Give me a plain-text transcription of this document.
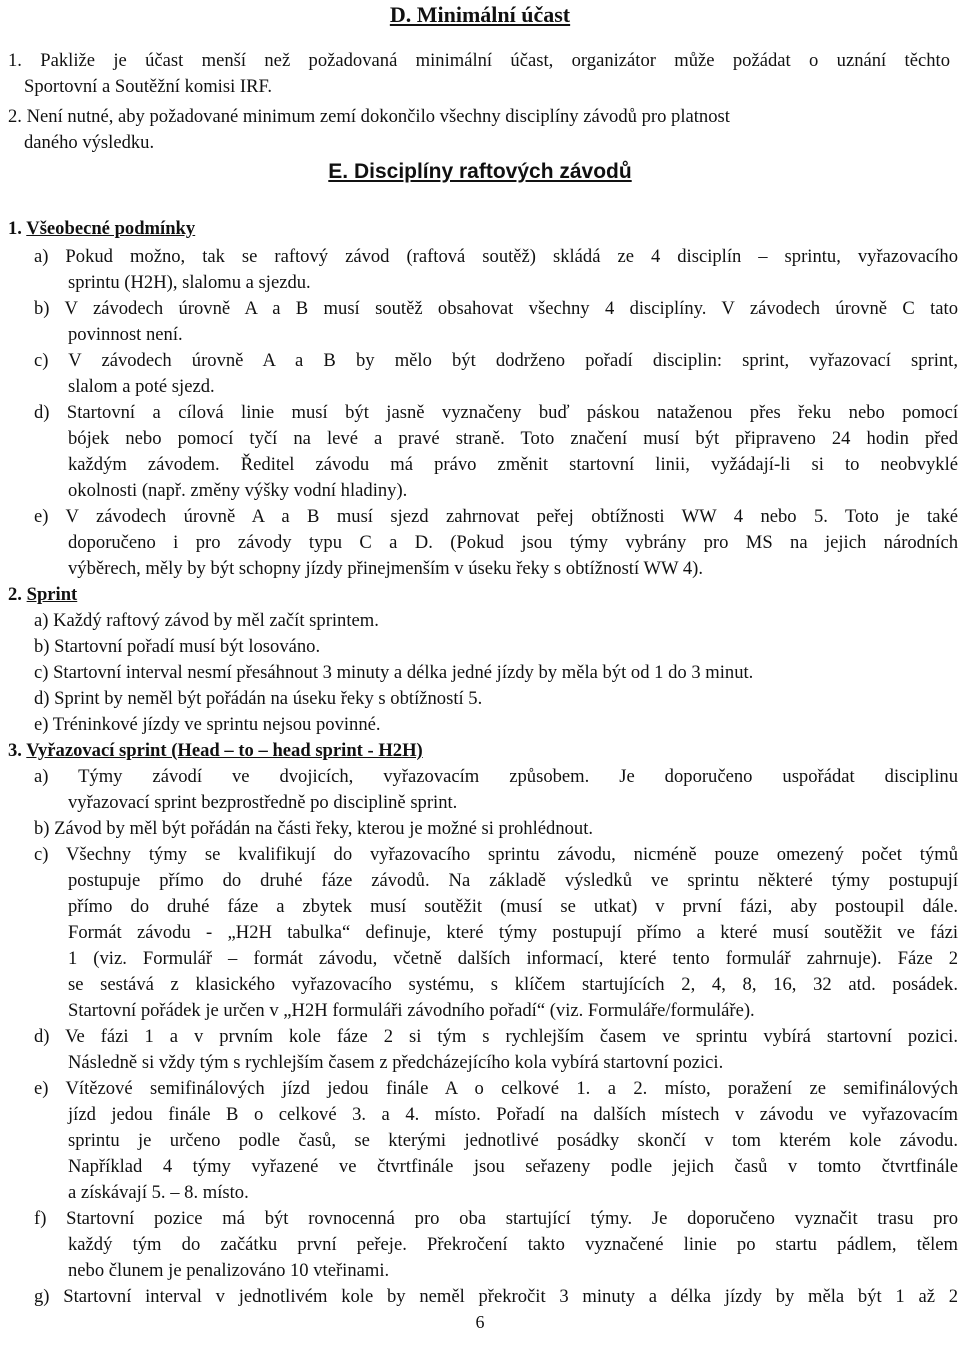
D. Minimální účast
1. Pakliže je účast menší než požadovaná minimální účast, organizátor může požádat o uznání těchto
Sportovní a Soutěžní komisi IRF.
2. Není nutné, aby požadované minimum zemí dokončilo všechny disciplíny závodů pro platnost
daného výsledku.
E. Disciplíny raftových závodů
1. Všeobecné podmínky
a) Pokud možno, tak se raftový závod (raftová soutěž) skládá ze 4 disciplín – sprintu, vyřazovacího
sprintu (H2H), slalomu a sjezdu.
b) V závodech úrovně A a B musí soutěž obsahovat všechny 4 disciplíny. V závodech úrovně C tato
povinnost není.
c) V závodech úrovně A a B by mělo být dodrženo pořadí disciplin: sprint, vyřazovací sprint,
slalom a poté sjezd.
d) Startovní a cílová linie musí být jasně vyznačeny buď páskou nataženou přes řeku nebo pomocí
bójek nebo pomocí tyčí na levé a pravé straně. Toto značení musí být připraveno 24 hodin před
každým závodem. Ředitel závodu má právo změnit startovní linii, vyžádají-li si to neobvyklé
okolnosti (např. změny výšky vodní hladiny).
e) V závodech úrovně A a B musí sjezd zahrnovat peřej obtížnosti WW 4 nebo 5. Toto je také
doporučeno i pro závody typu C a D. (Pokud jsou týmy vybrány pro MS na jejich národních
výběrech, měly by být schopny jízdy přinejmenším v úseku řeky s obtížností WW 4).
2. Sprint
a) Každý raftový závod by měl začít sprintem.
b) Startovní pořadí musí být losováno.
c) Startovní interval nesmí přesáhnout 3 minuty a délka jedné jízdy by měla být od 1 do 3 minut.
d) Sprint by neměl být pořádán na úseku řeky s obtížností 5.
e) Tréninkové jízdy ve sprintu nejsou povinné.
3. Vyřazovací sprint (Head – to – head sprint - H2H)
a) Týmy závodí ve dvojicích, vyřazovacím způsobem. Je doporučeno uspořádat disciplinu
vyřazovací sprint bezprostředně po disciplině sprint.
b) Závod by měl být pořádán na části řeky, kterou je možné si prohlédnout.
c) Všechny týmy se kvalifikují do vyřazovacího sprintu závodu, nicméně pouze omezený počet týmů
postupuje přímo do druhé fáze závodů. Na základě výsledků ve sprintu některé týmy postupují
přímo do druhé fáze a zbytek musí soutěžit (musí se utkat) v první fázi, aby postoupil dále.
Formát závodu - „H2H tabulka“ definuje, které týmy postupují přímo a které musí soutěžit ve fázi
1 (viz. Formulář – formát závodu, včetně dalších informací, které tento formulář zahrnuje). Fáze 2
se sestává z klasického vyřazovacího systému, s klíčem startujících 2, 4, 8, 16, 32 atd. posádek.
Startovní pořádek je určen v „H2H formuláři závodního pořadí“ (viz. Formuláře/formuláře).
d) Ve fázi 1 a v prvním kole fáze 2 si tým s rychlejším časem ve sprintu vybírá startovní pozici.
Následně si vždy tým s rychlejším časem z předcházejícího kola vybírá startovní pozici.
e) Vítězové semifinálových jízd jedou finále A o celkové 1. a 2. místo, poražení ze semifinálových
jízd jedou finále B o celkové 3. a 4. místo. Pořadí na dalších místech v závodu ve vyřazovacím
sprintu je určeno podle časů, se kterými jednotlivé posádky skončí v tom kterém kole závodu.
Například 4 týmy vyřazené ve čtvrtfinále jsou seřazeny podle jejich časů v tomto čtvrtfinále
a získávají 5. – 8. místo.
f) Startovní pozice má být rovnocenná pro oba startující týmy. Je doporučeno vyznačit trasu pro
každý tým do začátku první peřeje. Překročení takto vyznačené linie po startu pádlem, tělem
nebo člunem je penalizováno 10 vteřinami.
g) Startovní interval v jednotlivém kole by neměl překročit 3 minuty a délka jízdy by měla být 1 až 2
6
